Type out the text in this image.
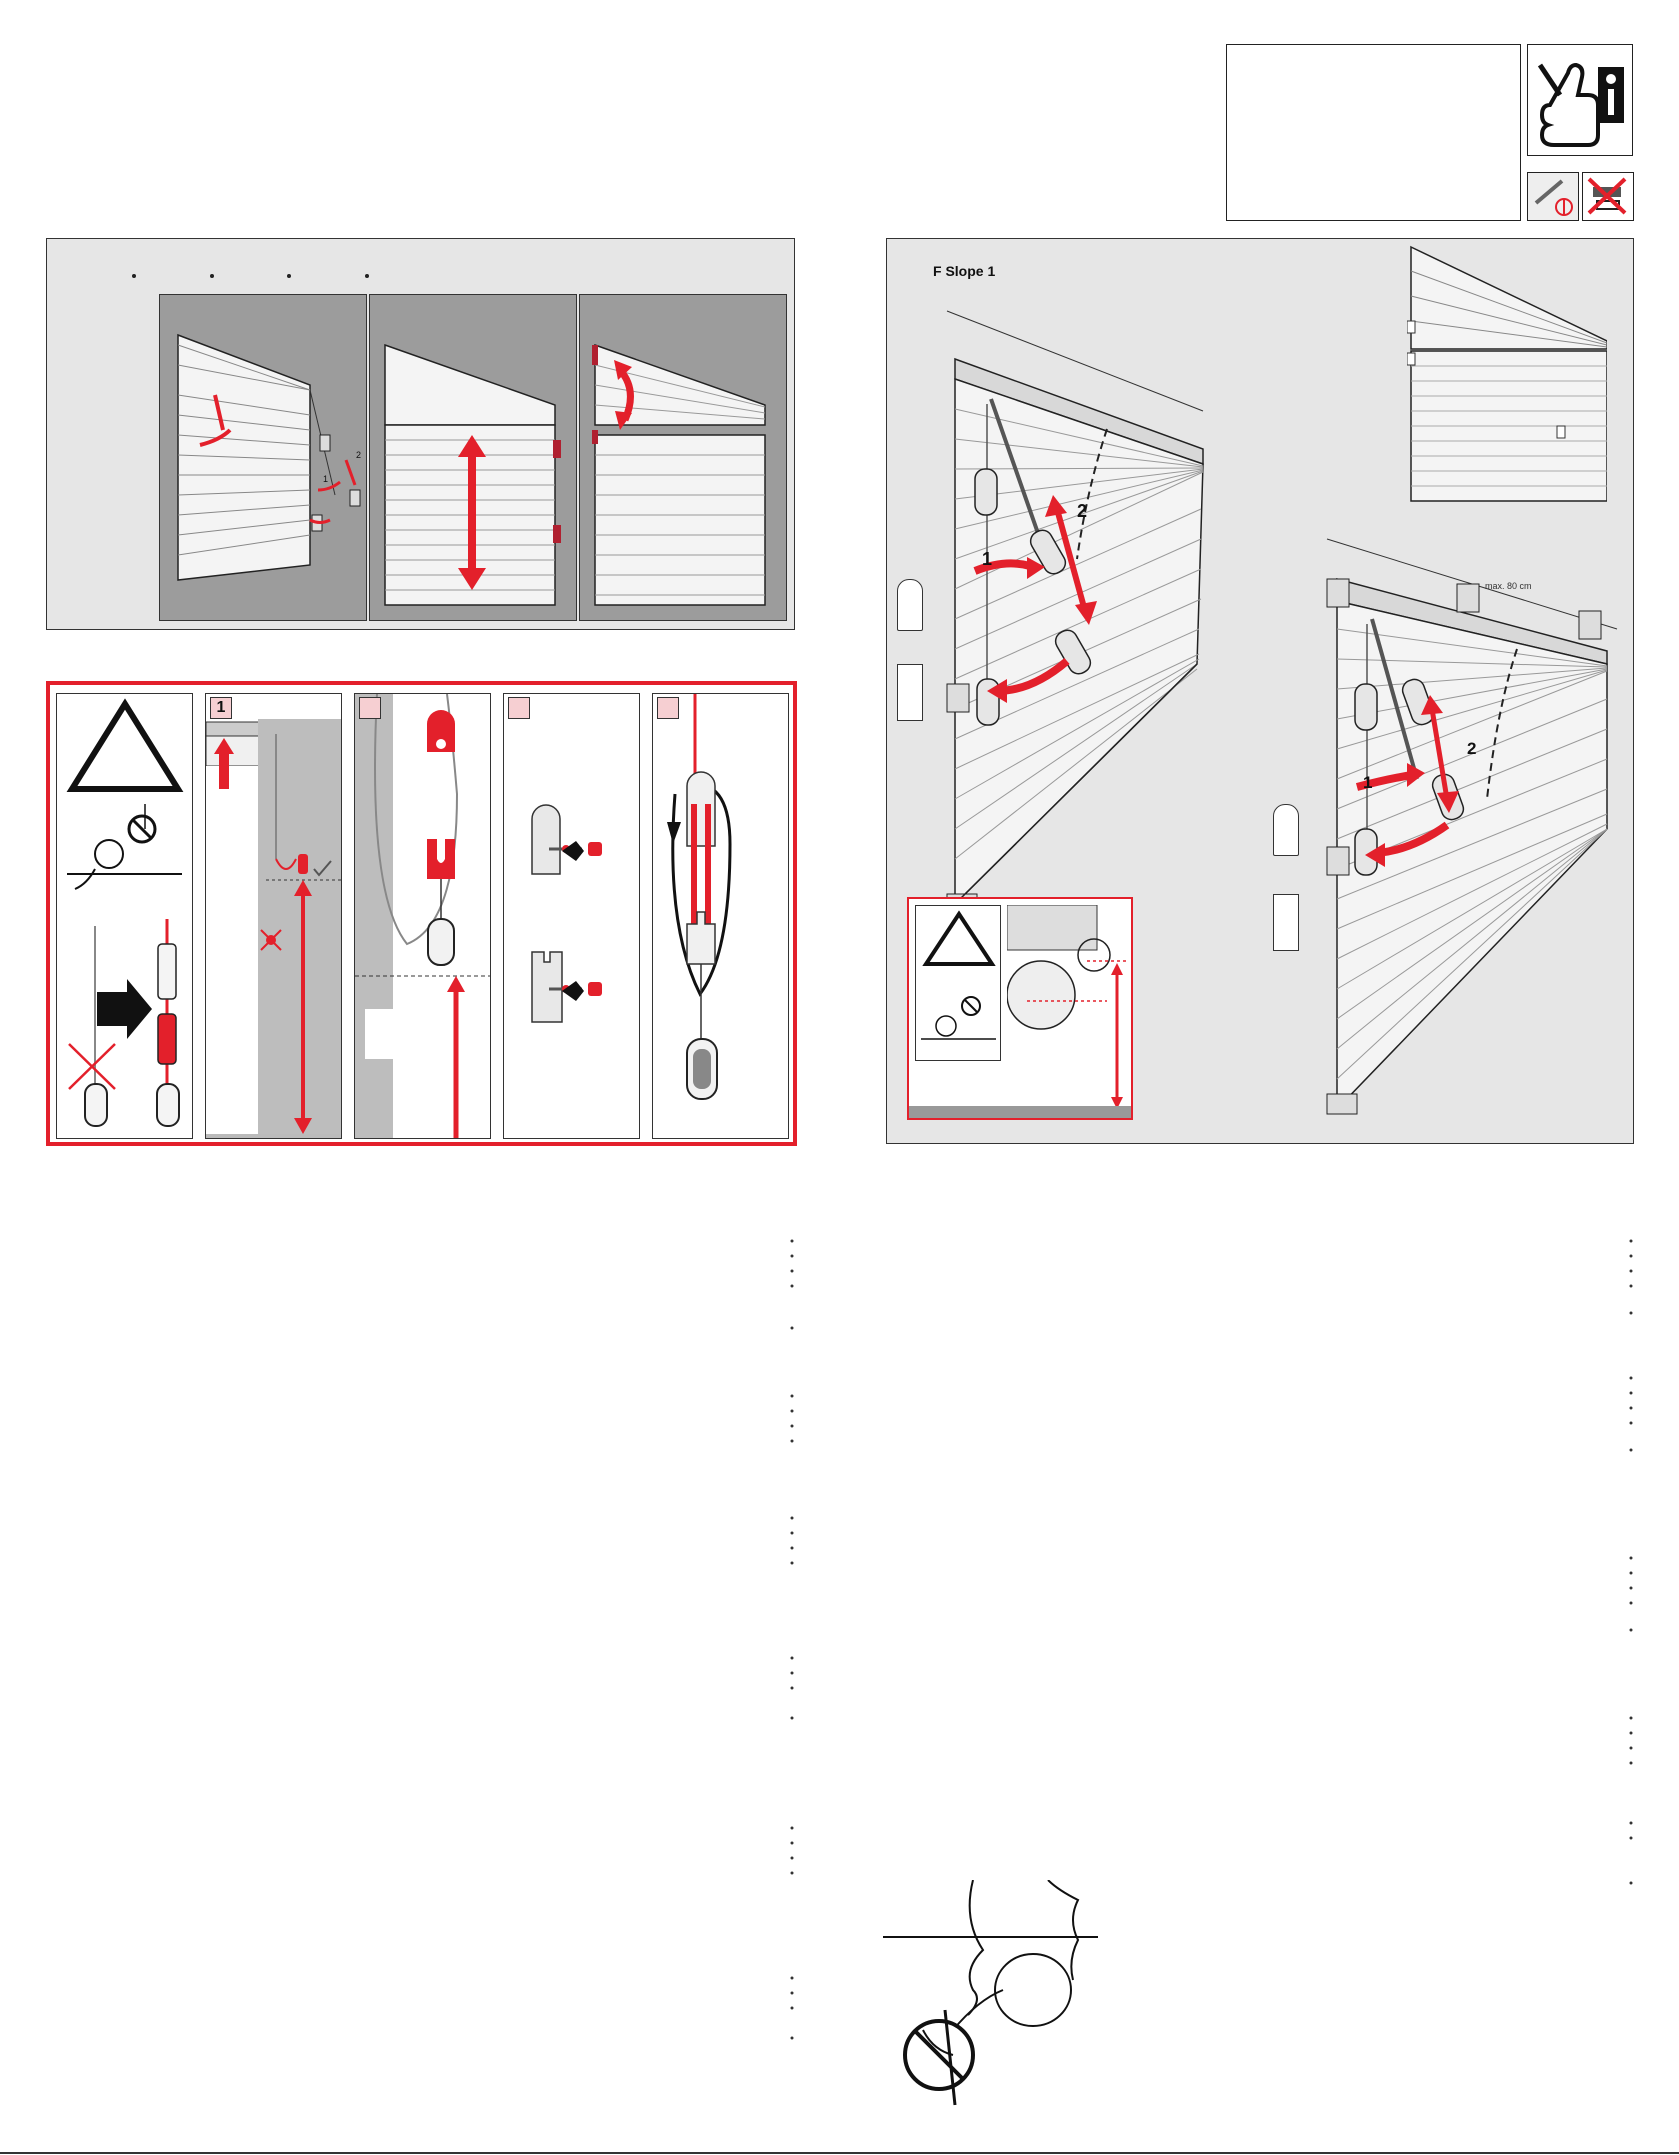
1
2
1
F Slope 1
1
2
max. 80 cm
1
2
